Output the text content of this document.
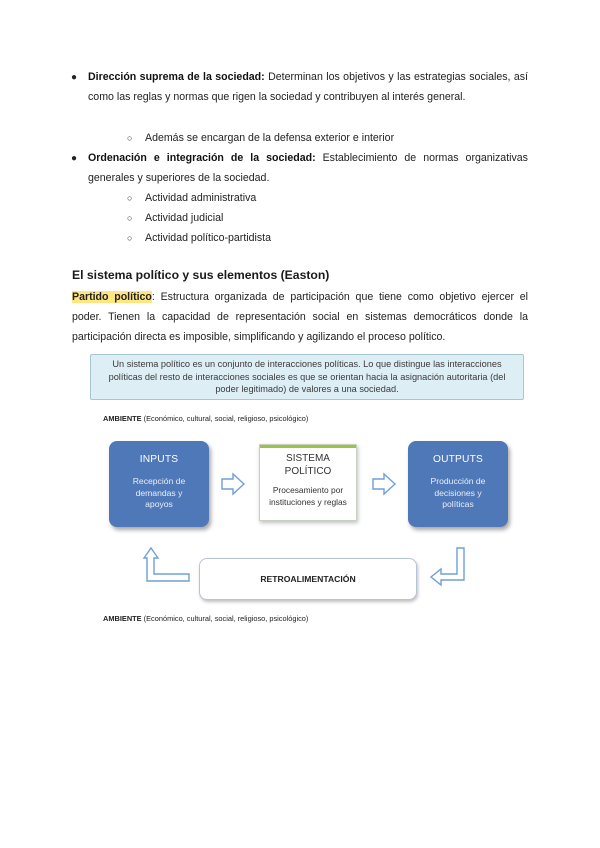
● Dirección suprema de la sociedad: Determinan los objetivos y las estrategias sociales, así como las reglas y normas que rigen la sociedad y contribuyen al interés general.
○ Además se encargan de la defensa exterior e interior
● Ordenación e integración de la sociedad: Establecimiento de normas organizativas generales y superiores de la sociedad.
○ Actividad administrativa
○ Actividad judicial
○ Actividad político-partidista
El sistema político y sus elementos (Easton)
Partido político: Estructura organizada de participación que tiene como objetivo ejercer el poder. Tienen la capacidad de representación social en sistemas democráticos donde la participación directa es imposible, simplificando y agilizando el proceso político.
Un sistema político es un conjunto de interacciones políticas. Lo que distingue las interacciones políticas del resto de interacciones sociales es que se orientan hacia la asignación autoritaria (del poder legitimado) de valores a una sociedad.
AMBIENTE (Económico, cultural, social, religioso, psicológico)
INPUTS
Recepción de demandas y apoyos
SISTEMA POLÍTICO
Procesamiento por instituciones y reglas
OUTPUTS
Producción de decisiones y políticas
RETROALIMENTACIÓN
AMBIENTE (Económico, cultural, social, religioso, psicológico)
